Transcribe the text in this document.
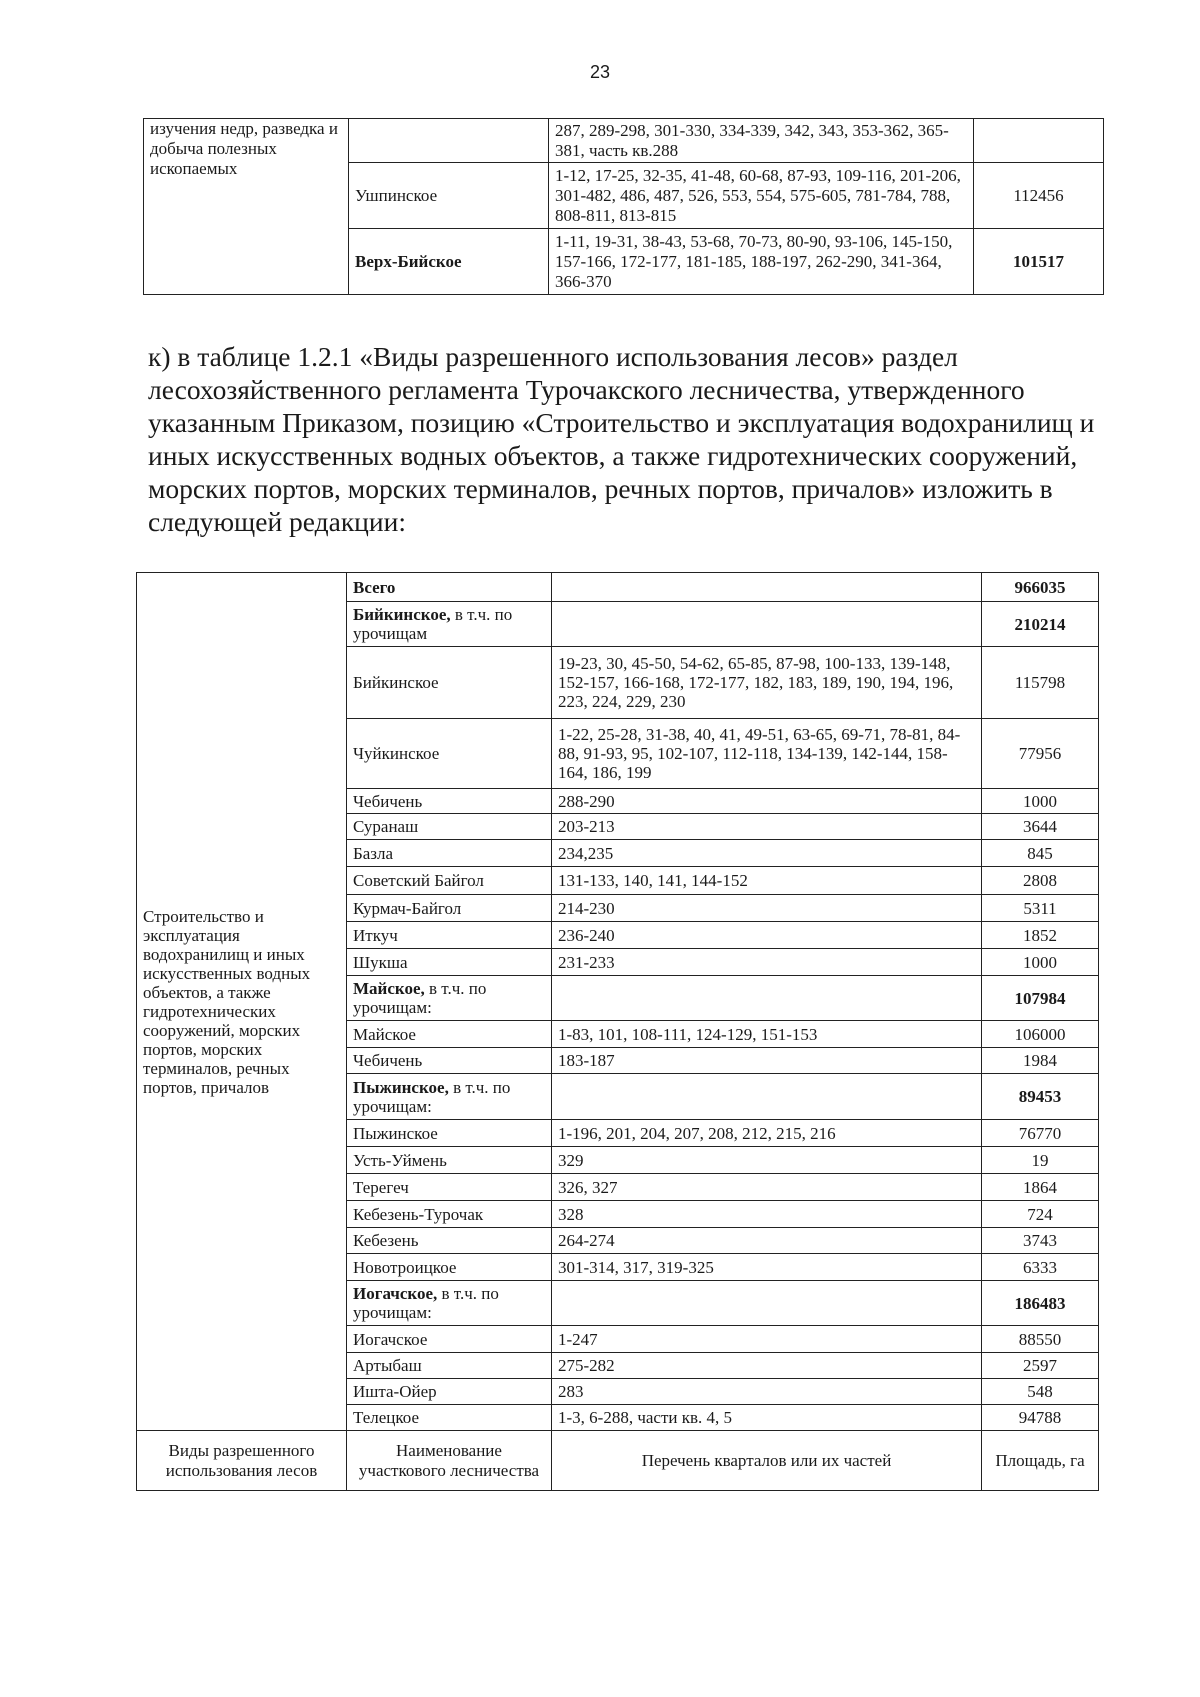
23
изучения недр, разведка и добыча полезных ископаемых		287, 289-298, 301-330, 334-339, 342, 343, 353-362, 365-381, часть кв.288	
	Ушпинское	1-12, 17-25, 32-35, 41-48, 60-68, 87-93, 109-116, 201-206, 301-482, 486, 487, 526, 553, 554, 575-605, 781-784, 788, 808-811, 813-815	112456
	Верх-Бийское	1-11, 19-31, 38-43, 53-68, 70-73, 80-90, 93-106, 145-150, 157-166, 172-177, 181-185, 188-197, 262-290, 341-364, 366-370	101517
к) в таблице 1.2.1 «Виды разрешенного использования лесов» раздел лесохозяйственного регламента Турочакского лесничества, утвержденного указанным Приказом, позицию «Строительство и эксплуатация водохранилищ и иных искусственных водных объектов, а также гидротехнических сооружений, морских портов, морских терминалов, речных портов, причалов» изложить в следующей редакции:
Строительство и эксплуатация водохранилищ и иных искусственных водных объектов, а также гидротехнических сооружений, морских портов, морских терминалов, речных портов, причалов	Всего		966035
	Бийкинское, в т.ч. по урочищам		210214
	Бийкинское	19-23, 30, 45-50, 54-62, 65-85, 87-98, 100-133, 139-148, 152-157, 166-168, 172-177, 182, 183, 189, 190, 194, 196, 223, 224, 229, 230	115798
	Чуйкинское	1-22, 25-28, 31-38, 40, 41, 49-51, 63-65, 69-71, 78-81, 84-88, 91-93, 95, 102-107, 112-118, 134-139, 142-144, 158-164, 186, 199	77956
	Чебичень	288-290	1000
	Суранаш	203-213	3644
	Базла	234,235	845
	Советский Байгол	131-133, 140, 141, 144-152	2808
	Курмач-Байгол	214-230	5311
	Иткуч	236-240	1852
	Шукша	231-233	1000
	Майское, в т.ч. по урочищам:		107984
	Майское	1-83, 101, 108-111, 124-129, 151-153	106000
	Чебичень	183-187	1984
	Пыжинское, в т.ч. по урочищам:		89453
	Пыжинское	1-196, 201, 204, 207, 208, 212, 215, 216	76770
	Усть-Уймень	329	19
	Терегеч	326, 327	1864
	Кебезень-Турочак	328	724
	Кебезень	264-274	3743
	Новотроицкое	301-314, 317, 319-325	6333
	Иогачское, в т.ч. по урочищам:		186483
	Иогачское	1-247	88550
	Артыбаш	275-282	2597
	Ишта-Ойер	283	548
	Телецкое	1-3, 6-288, части кв. 4, 5	94788
Виды разрешенного использования лесов	Наименование участкового лесничества	Перечень кварталов или их частей	Площадь, га
